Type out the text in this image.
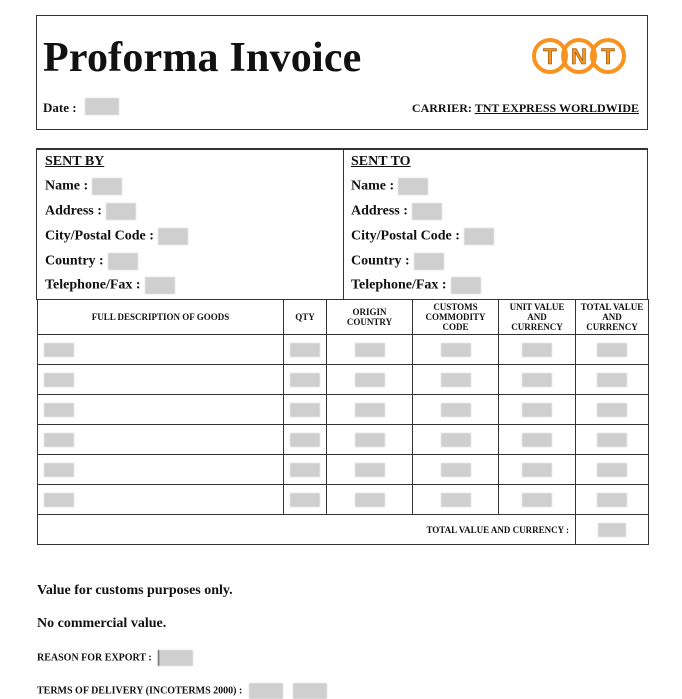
Proforma Invoice
Date :	CARRIER: TNT EXPRESS WORLDWIDE
T N T
SENT BY
Name :
Address :
City/Postal Code :
Country :
Telephone/Fax :
SENT TO
Name :
Address :
City/Postal Code :
Country :
Telephone/Fax :
FULL DESCRIPTION OF GOODS	QTY	ORIGIN COUNTRY	CUSTOMS COMMODITY CODE	UNIT VALUE AND CURRENCY	TOTAL VALUE AND CURRENCY

TOTAL VALUE AND CURRENCY :					
Value for customs purposes only.
No commercial value.
REASON FOR EXPORT :
TERMS OF DELIVERY (INCOTERMS 2000) :
